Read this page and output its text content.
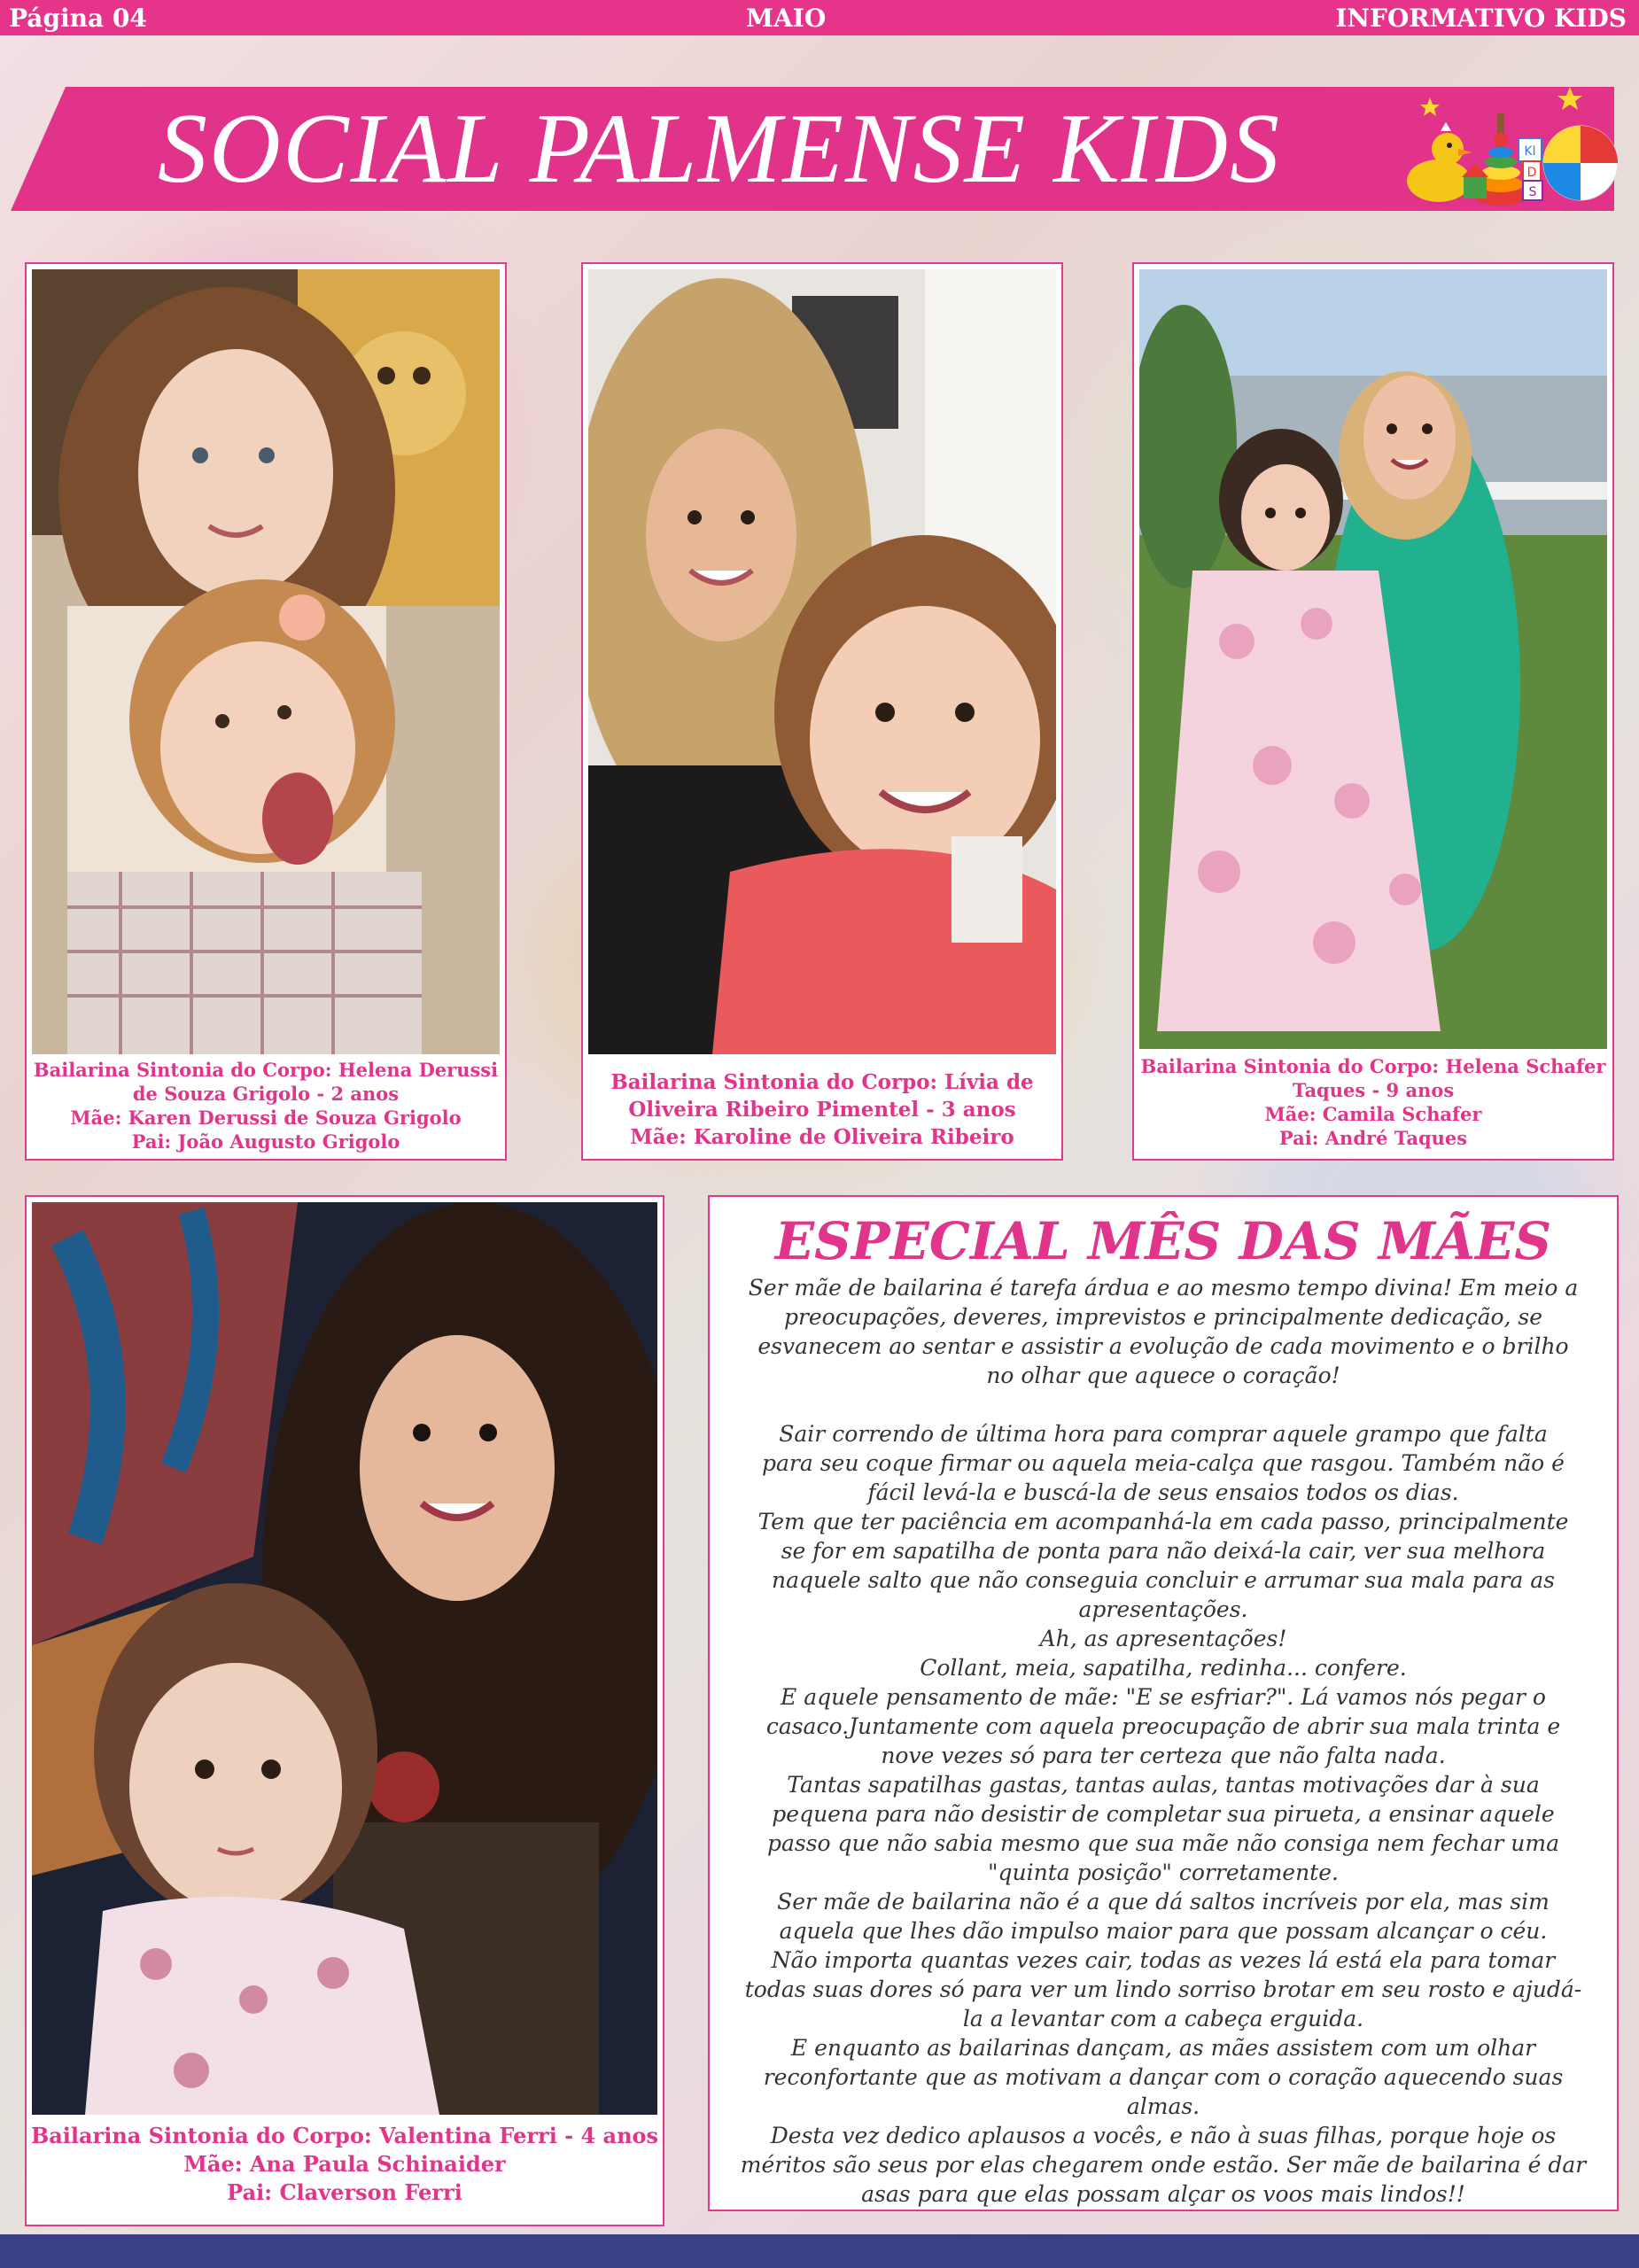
Página 04	MAIO	INFORMATIVO KIDS
SOCIAL PALMENSE KIDS	KI
D
S
Bailarina Sintonia do Corpo: Helena Derussi
de Souza Grigolo - 2 anos
Mãe: Karen Derussi de Souza Grigolo
Pai: João Augusto Grigolo
Bailarina Sintonia do Corpo: Lívia de
Oliveira Ribeiro Pimentel - 3 anos
Mãe: Karoline de Oliveira Ribeiro
Bailarina Sintonia do Corpo: Helena Schafer
Taques - 9 anos
Mãe: Camila Schafer
Pai: André Taques
Bailarina Sintonia do Corpo: Valentina Ferri - 4 anos
Mãe: Ana Paula Schinaider
Pai: Claverson Ferri
ESPECIAL MÊS DAS MÃES

Ser mãe de bailarina é tarefa árdua e ao mesmo tempo divina! Em meio a

preocupações, deveres, imprevistos e principalmente dedicação, se

esvanecem ao sentar e assistir a evolução de cada movimento e o brilho

no olhar que aquece o coração!

Sair correndo de última hora para comprar aquele grampo que falta

para seu coque firmar ou aquela meia-calça que rasgou. Também não é

fácil levá-la e buscá-la de seus ensaios todos os dias.

Tem que ter paciência em acompanhá-la em cada passo, principalmente

se for em sapatilha de ponta para não deixá-la cair, ver sua melhora

naquele salto que não conseguia concluir e arrumar sua mala para as

apresentações.

Ah, as apresentações!

Collant, meia, sapatilha, redinha... confere.

E aquele pensamento de mãe: "E se esfriar?". Lá vamos nós pegar o

casaco.Juntamente com aquela preocupação de abrir sua mala trinta e

nove vezes só para ter certeza que não falta nada.

Tantas sapatilhas gastas, tantas aulas, tantas motivações dar à sua

pequena para não desistir de completar sua pirueta, a ensinar aquele

passo que não sabia mesmo que sua mãe não consiga nem fechar uma

"quinta posição" corretamente.

Ser mãe de bailarina não é a que dá saltos incríveis por ela, mas sim

aquela que lhes dão impulso maior para que possam alcançar o céu.

Não importa quantas vezes cair, todas as vezes lá está ela para tomar

todas suas dores só para ver um lindo sorriso brotar em seu rosto e ajudá-

la a levantar com a cabeça erguida.

E enquanto as bailarinas dançam, as mães assistem com um olhar

reconfortante que as motivam a dançar com o coração aquecendo suas

almas.

Desta vez dedico aplausos a vocês, e não à suas filhas, porque hoje os

méritos são seus por elas chegarem onde estão. Ser mãe de bailarina é dar

asas para que elas possam alçar os voos mais lindos!!
